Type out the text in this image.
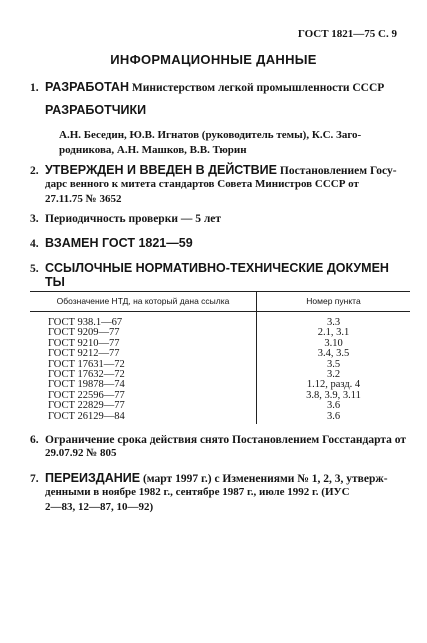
ГОСТ 1821—75 С. 9
ИНФОРМАЦИОННЫЕ ДАННЫЕ
1. РАЗРАБОТАН Министерством легкой промышленности СССР
РАЗРАБОТЧИКИ
А.Н. Беседин, Ю.В. Игнатов (руководитель темы), К.С. Заго-
родникова, А.Н. Машков, В.В. Тюрин
2. УТВЕРЖДЕН И ВВЕДЕН В ДЕЙСТВИЕ Постановлением Госу-
дарс венного к митета стандартов Совета Министров СССР от
27.11.75 № 3652
3. Периодичность проверки — 5 лет
4. ВЗАМЕН ГОСТ 1821—59
5. ССЫЛОЧНЫЕ НОРМАТИВНО-ТЕХНИЧЕСКИЕ ДОКУМЕН
ТЫ
Обозначение НТД, на который дана ссылка	Номер пункта
ГОСТ 938.1—67	3.3
ГОСТ 9209—77	2.1, 3.1
ГОСТ 9210—77	3.10
ГОСТ 9212—77	3.4, 3.5
ГОСТ 17631—72	3.5
ГОСТ 17632—72	3.2
ГОСТ 19878—74	1.12, разд. 4
ГОСТ 22596—77	3.8, 3.9, 3.11
ГОСТ 22829—77	3.6
ГОСТ 26129—84	3.6
6. Ограничение срока действия снято Постановлением Госстандарта от
29.07.92 № 805
7. ПЕРЕИЗДАНИЕ (март 1997 г.) с Изменениями № 1, 2, 3, утверж-
денными в ноябре 1982 г., сентябре 1987 г., июле 1992 г. (ИУС
2—83, 12—87, 10—92)
